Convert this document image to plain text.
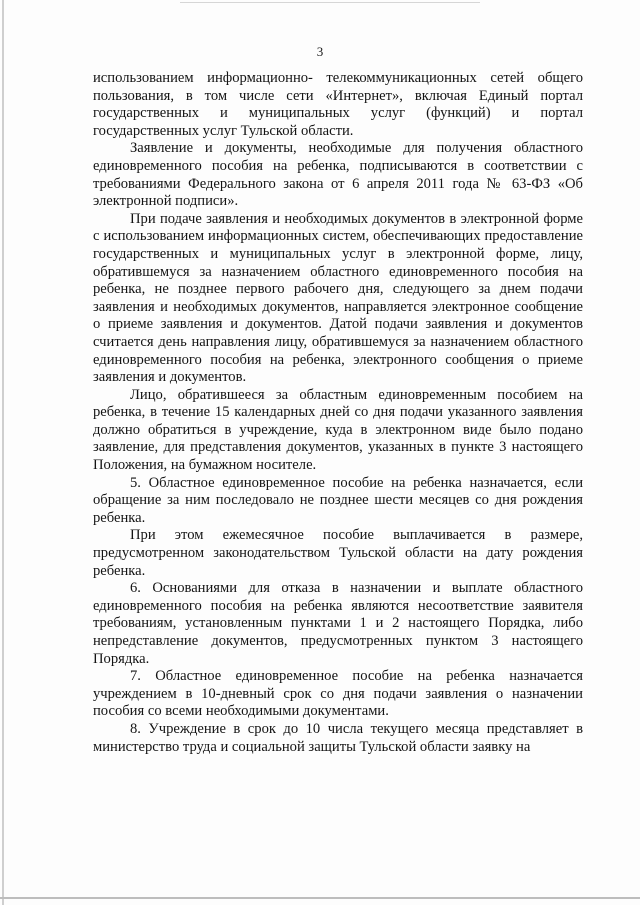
3

использованием информационно- телекоммуникационных сетей общего пользования, в том числе сети «Интернет», включая Единый портал государственных и муниципальных услуг (функций) и портал государственных услуг Тульской области.

Заявление и документы, необходимые для получения областного единовременного пособия на ребенка, подписываются в соответствии с требованиями Федерального закона от 6 апреля 2011 года № 63-ФЗ «Об электронной подписи».

При подаче заявления и необходимых документов в электронной форме с использованием информационных систем, обеспечивающих предоставление государственных и муниципальных услуг в электронной форме, лицу, обратившемуся за назначением областного единовременного пособия на ребенка, не позднее первого рабочего дня, следующего за днем подачи заявления и необходимых документов, направляется электронное сообщение о приеме заявления и документов. Датой подачи заявления и документов считается день направления лицу, обратившемуся за назначением областного единовременного пособия на ребенка, электронного сообщения о приеме заявления и документов.

Лицо, обратившееся за областным единовременным пособием на ребенка, в течение 15 календарных дней со дня подачи указанного заявления должно обратиться в учреждение, куда в электронном виде было подано заявление, для представления документов, указанных в пункте 3 настоящего Положения, на бумажном носителе.

5. Областное единовременное пособие на ребенка назначается, если обращение за ним последовало не позднее шести месяцев со дня рождения ребенка.

При этом ежемесячное пособие выплачивается в размере, предусмотренном законодательством Тульской области на дату рождения ребенка.

6. Основаниями для отказа в назначении и выплате областного единовременного пособия на ребенка являются несоответствие заявителя требованиям, установленным пунктами 1 и 2 настоящего Порядка, либо непредставление документов, предусмотренных пунктом 3 настоящего Порядка.

7. Областное единовременное пособие на ребенка назначается учреждением в 10-дневный срок со дня подачи заявления о назначении пособия со всеми необходимыми документами.

8. Учреждение в срок до 10 числа текущего месяца представляет в министерство труда и социальной защиты Тульской области заявку на
